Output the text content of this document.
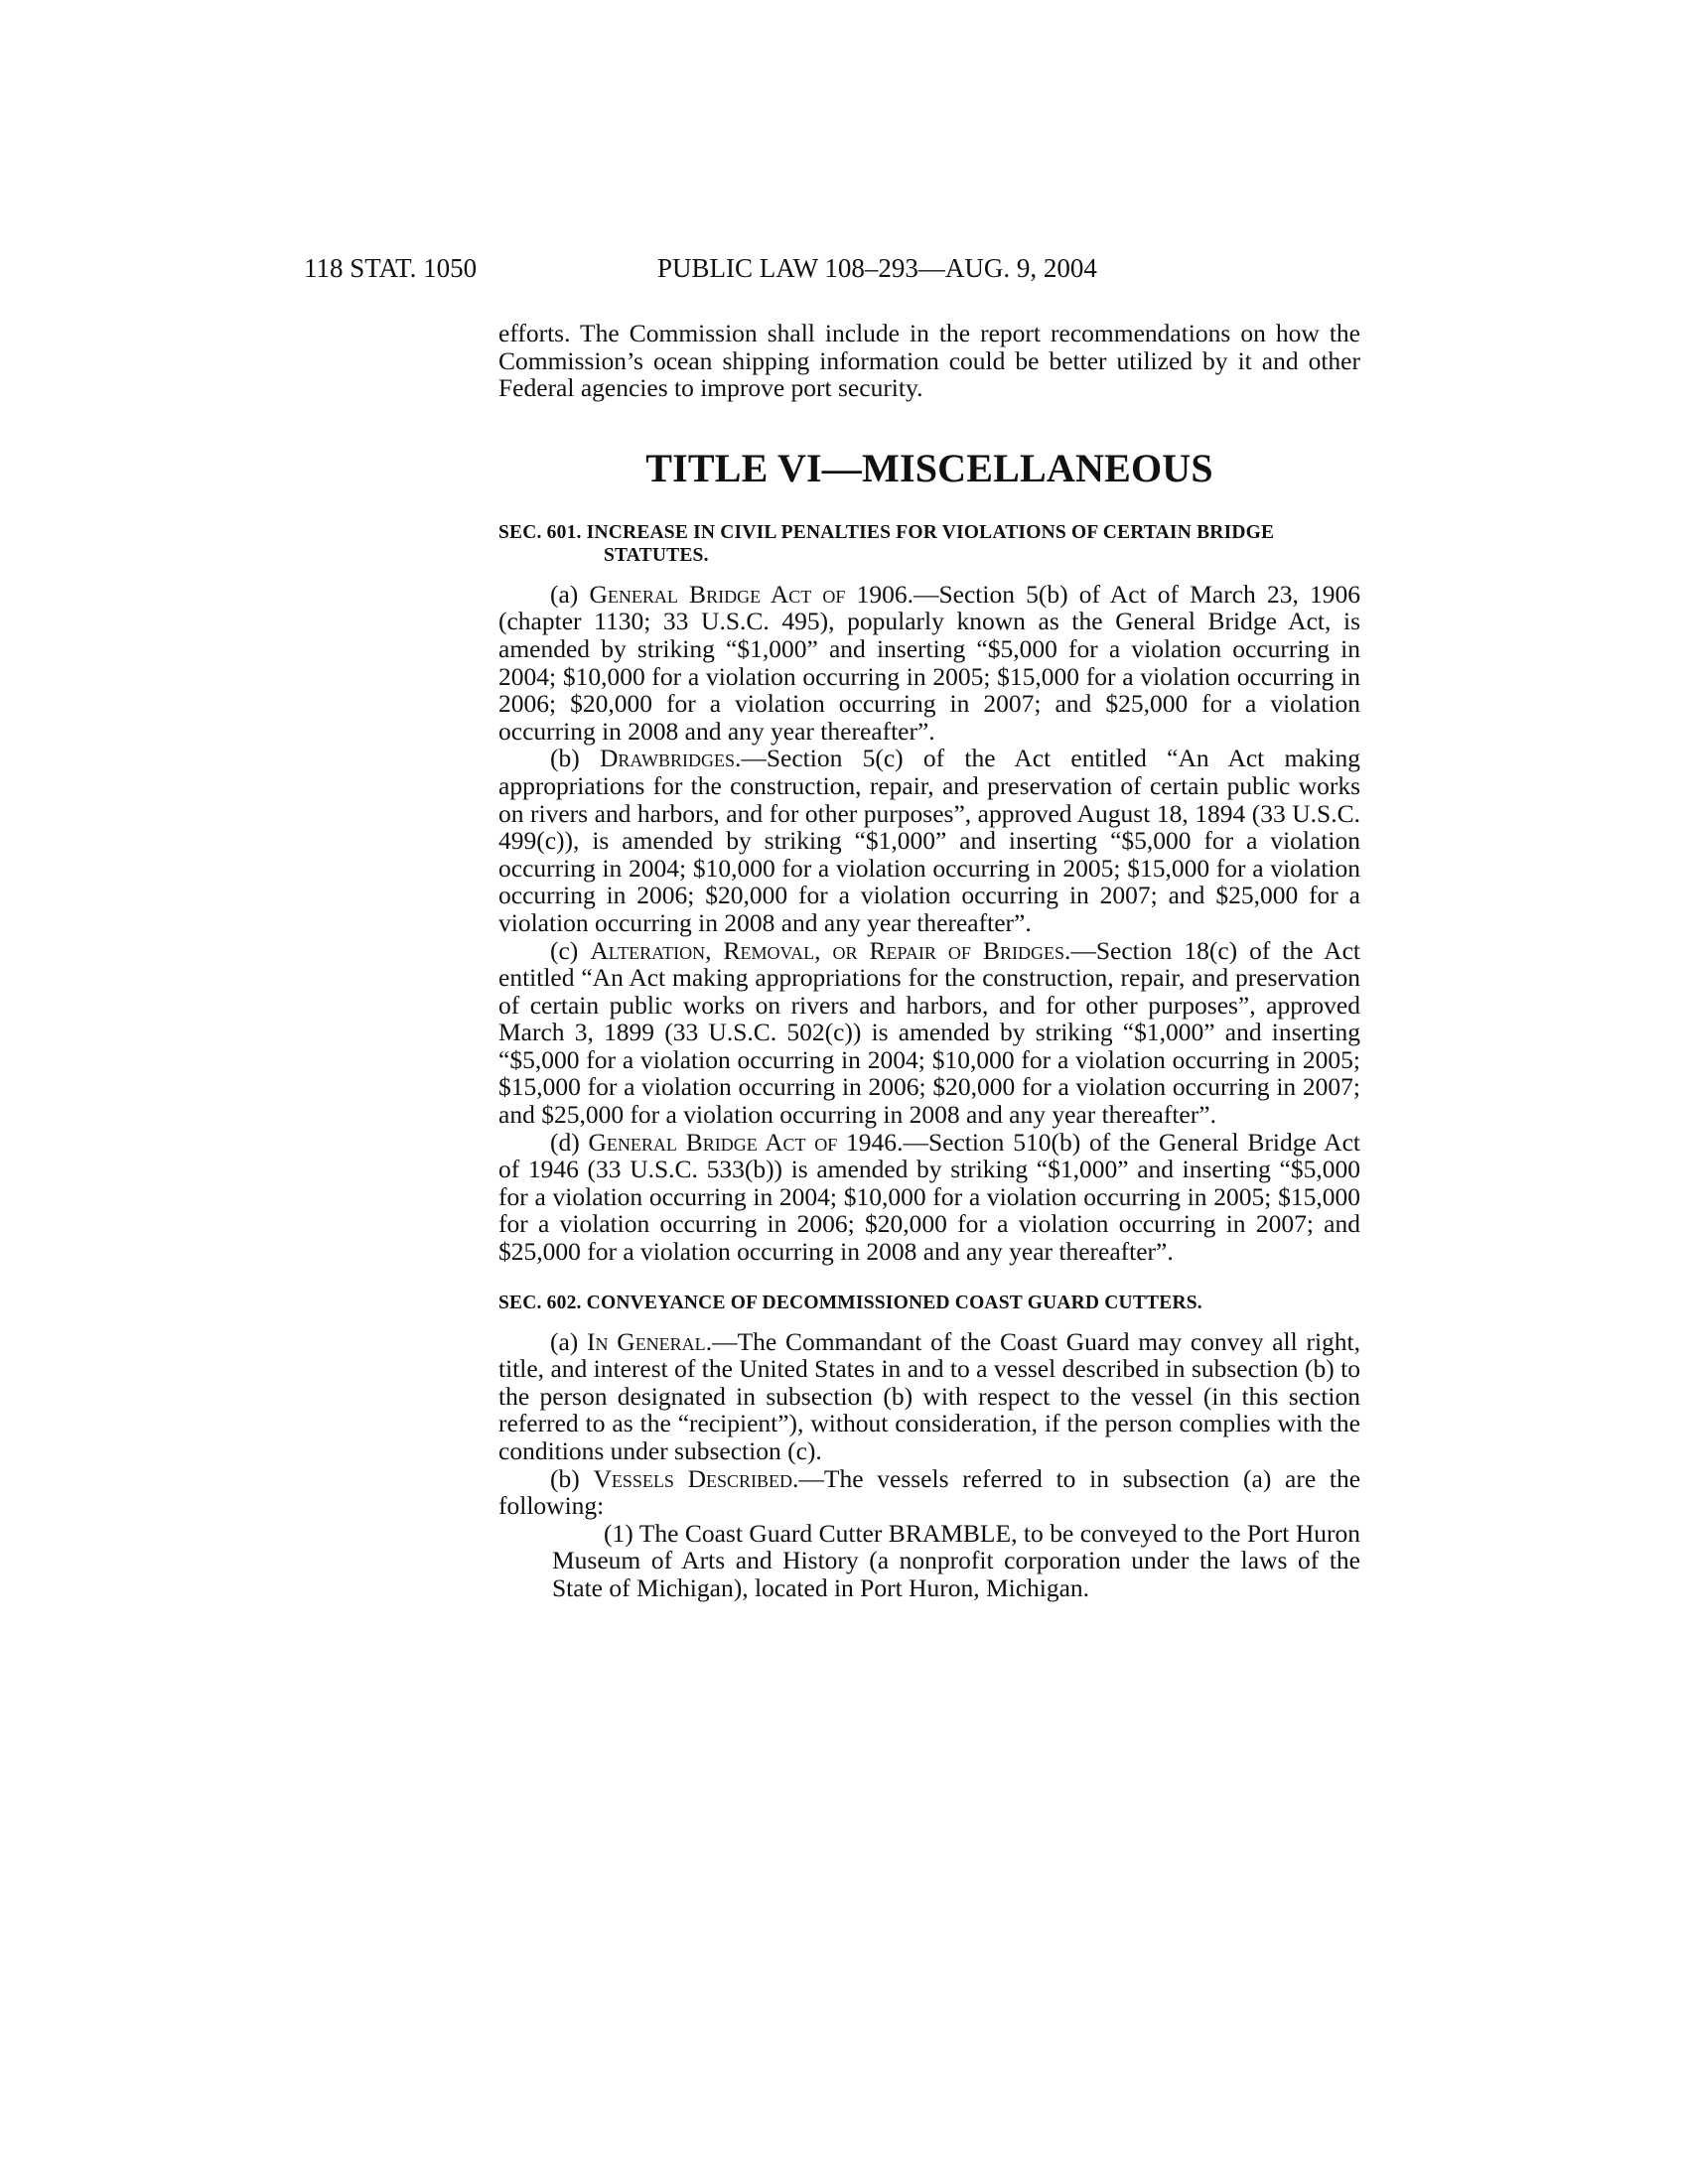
118 STAT. 1050	PUBLIC LAW 108–293—AUG. 9, 2004

efforts. The Commission shall include in the report recommendations on how the Commission’s ocean shipping information could be better utilized by it and other Federal agencies to improve port security.

TITLE VI—MISCELLANEOUS
SEC. 601. INCREASE IN CIVIL PENALTIES FOR VIOLATIONS OF CERTAIN BRIDGE STATUTES.

(a) General Bridge Act of 1906.—Section 5(b) of Act of March 23, 1906 (chapter 1130; 33 U.S.C. 495), popularly known as the General Bridge Act, is amended by striking “$1,000” and inserting “$5,000 for a violation occurring in 2004; $10,000 for a violation occurring in 2005; $15,000 for a violation occurring in 2006; $20,000 for a violation occurring in 2007; and $25,000 for a violation occurring in 2008 and any year thereafter”.

(b) Drawbridges.—Section 5(c) of the Act entitled “An Act making appropriations for the construction, repair, and preservation of certain public works on rivers and harbors, and for other purposes”, approved August 18, 1894 (33 U.S.C. 499(c)), is amended by striking “$1,000” and inserting “$5,000 for a violation occurring in 2004; $10,000 for a violation occurring in 2005; $15,000 for a violation occurring in 2006; $20,000 for a violation occurring in 2007; and $25,000 for a violation occurring in 2008 and any year thereafter”.

(c) Alteration, Removal, or Repair of Bridges.—Section 18(c) of the Act entitled “An Act making appropriations for the construction, repair, and preservation of certain public works on rivers and harbors, and for other purposes”, approved March 3, 1899 (33 U.S.C. 502(c)) is amended by striking “$1,000” and inserting “$5,000 for a violation occurring in 2004; $10,000 for a violation occurring in 2005; $15,000 for a violation occurring in 2006; $20,000 for a violation occurring in 2007; and $25,000 for a violation occurring in 2008 and any year thereafter”.

(d) General Bridge Act of 1946.—Section 510(b) of the General Bridge Act of 1946 (33 U.S.C. 533(b)) is amended by striking “$1,000” and inserting “$5,000 for a violation occurring in 2004; $10,000 for a violation occurring in 2005; $15,000 for a violation occurring in 2006; $20,000 for a violation occurring in 2007; and $25,000 for a violation occurring in 2008 and any year thereafter”.

SEC. 602. CONVEYANCE OF DECOMMISSIONED COAST GUARD CUTTERS.

(a) In General.—The Commandant of the Coast Guard may convey all right, title, and interest of the United States in and to a vessel described in subsection (b) to the person designated in subsection (b) with respect to the vessel (in this section referred to as the “recipient”), without consideration, if the person complies with the conditions under subsection (c).

(b) Vessels Described.—The vessels referred to in subsection (a) are the following:

(1) The Coast Guard Cutter BRAMBLE, to be conveyed to the Port Huron Museum of Arts and History (a nonprofit corporation under the laws of the State of Michigan), located in Port Huron, Michigan.
